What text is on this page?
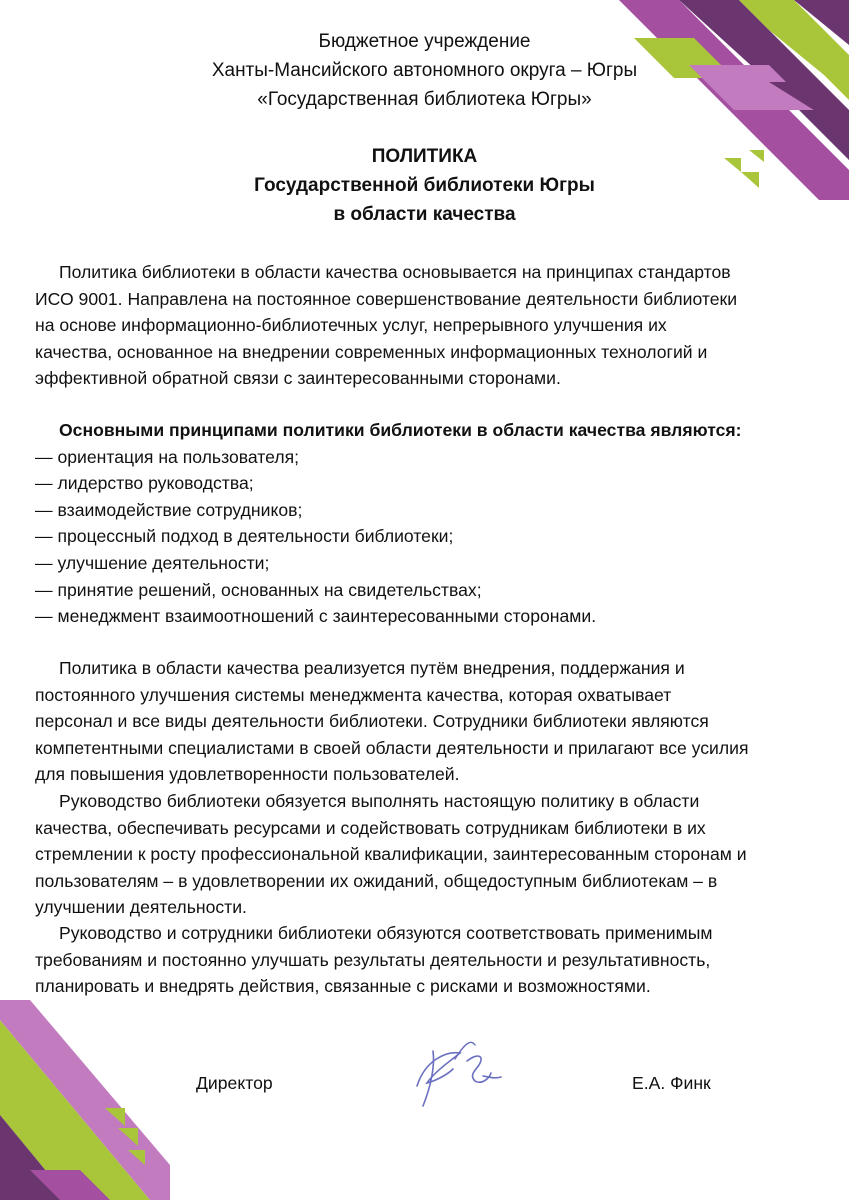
Бюджетное учреждение
Ханты-Мансийского автономного округа – Югры
«Государственная библиотека Югры»
ПОЛИТИКА
Государственной библиотеки Югры
в области качества
Политика библиотеки в области качества основывается на принципах стандартов
ИСО 9001. Направлена на постоянное совершенствование деятельности библиотеки
на основе информационно-библиотечных услуг, непрерывного улучшения их
качества, основанное на внедрении современных информационных технологий и
эффективной обратной связи с заинтересованными сторонами.
Основными принципами политики библиотеки в области качества являются:
— ориентация на пользователя;
— лидерство руководства;
— взаимодействие сотрудников;
— процессный подход в деятельности библиотеки;
— улучшение деятельности;
— принятие решений, основанных на свидетельствах;
— менеджмент взаимоотношений с заинтересованными сторонами.
Политика в области качества реализуется путём внедрения, поддержания и
постоянного улучшения системы менеджмента качества, которая охватывает
персонал и все виды деятельности библиотеки. Сотрудники библиотеки являются
компетентными специалистами в своей области деятельности и прилагают все усилия
для повышения удовлетворенности пользователей.
Руководство библиотеки обязуется выполнять настоящую политику в области
качества, обеспечивать ресурсами и содействовать сотрудникам библиотеки в их
стремлении к росту профессиональной квалификации, заинтересованным сторонам и
пользователям – в удовлетворении их ожиданий, общедоступным библиотекам – в
улучшении деятельности.
Руководство и сотрудники библиотеки обязуются соответствовать применимым
требованиям и постоянно улучшать результаты деятельности и результативность,
планировать и внедрять действия, связанные с рисками и возможностями.
Директор	Е.А. Финк
